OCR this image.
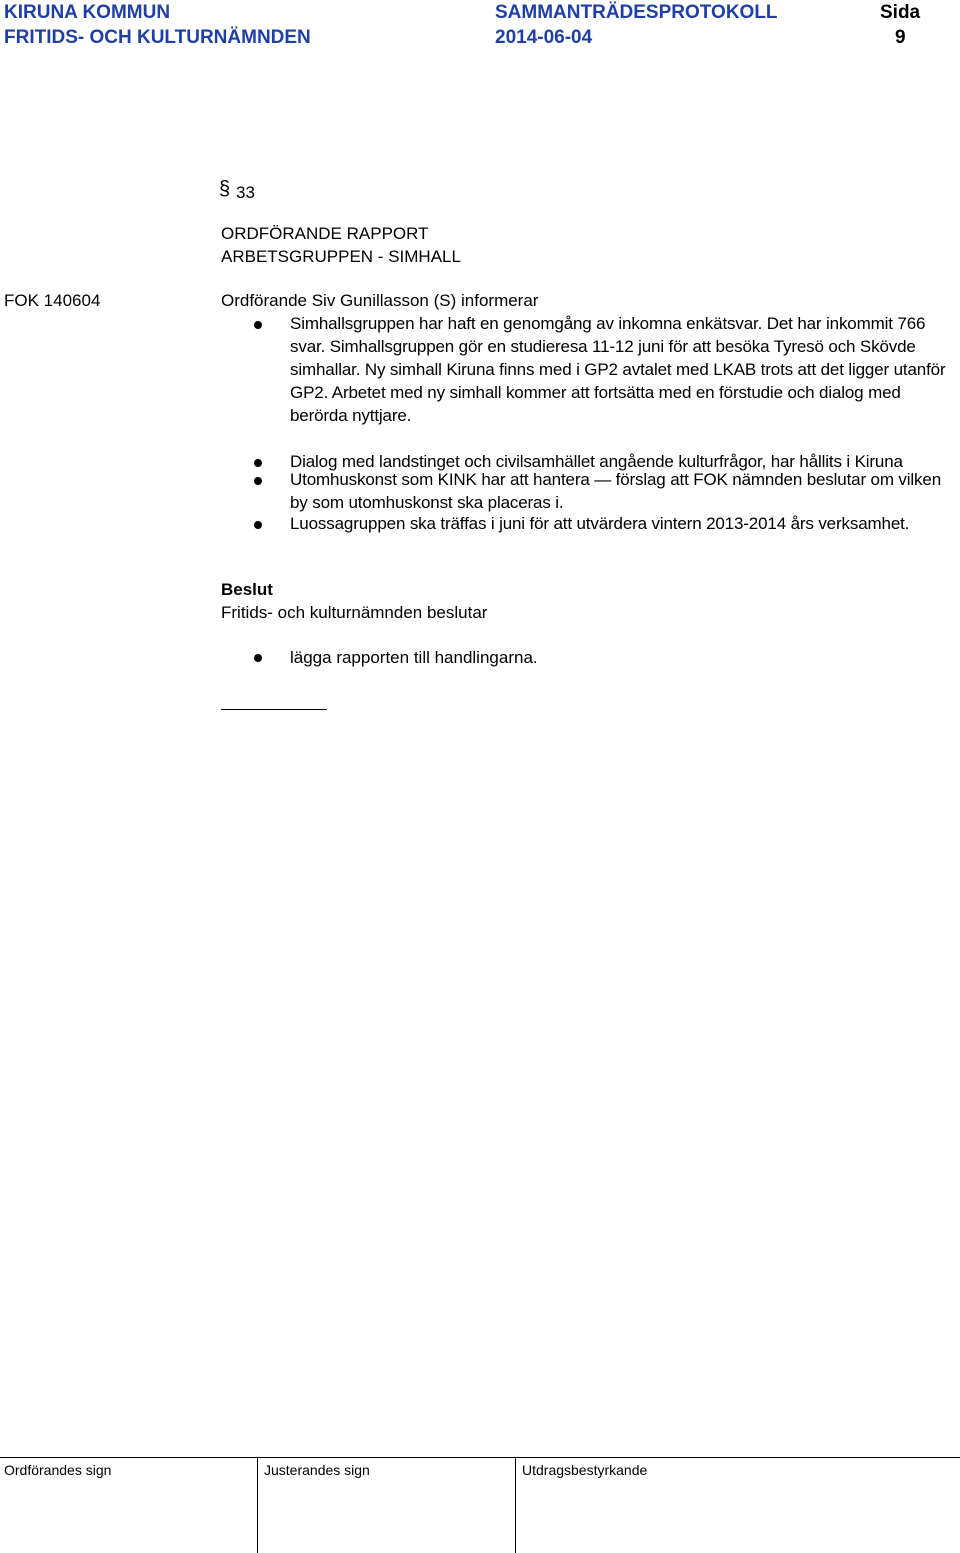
KIRUNA KOMMUN
FRITIDS- OCH KULTURNÄMNDEN
SAMMANTRÄDESPROTOKOLL
2014-06-04
Sida
9
§ 33
ORDFÖRANDE RAPPORT
ARBETSGRUPPEN - SIMHALL
FOK 140604	Ordförande Siv Gunillasson (S) informerar
Simhallsgruppen har haft en genomgång av inkomna enkätsvar. Det har inkommit 766 svar. Simhallsgruppen gör en studieresa 11-12 juni för att besöka Tyresö och Skövde simhallar. Ny simhall Kiruna finns med i GP2 avtalet med LKAB trots att det ligger utanför GP2. Arbetet med ny simhall kommer att fortsätta med en förstudie och dialog med berörda nyttjare.
Dialog med landstinget och civilsamhället angående kulturfrågor, har hållits i Kiruna
Utomhuskonst som KINK har att hantera — förslag att FOK nämnden beslutar om vilken by som utomhuskonst ska placeras i.
Luossagruppen ska träffas i juni för att utvärdera vintern 2013-2014 års verksamhet.
Beslut
Fritids- och kulturnämnden beslutar
lägga rapporten till handlingarna.
Ordförandes sign	Justerandes sign	Utdragsbestyrkande
